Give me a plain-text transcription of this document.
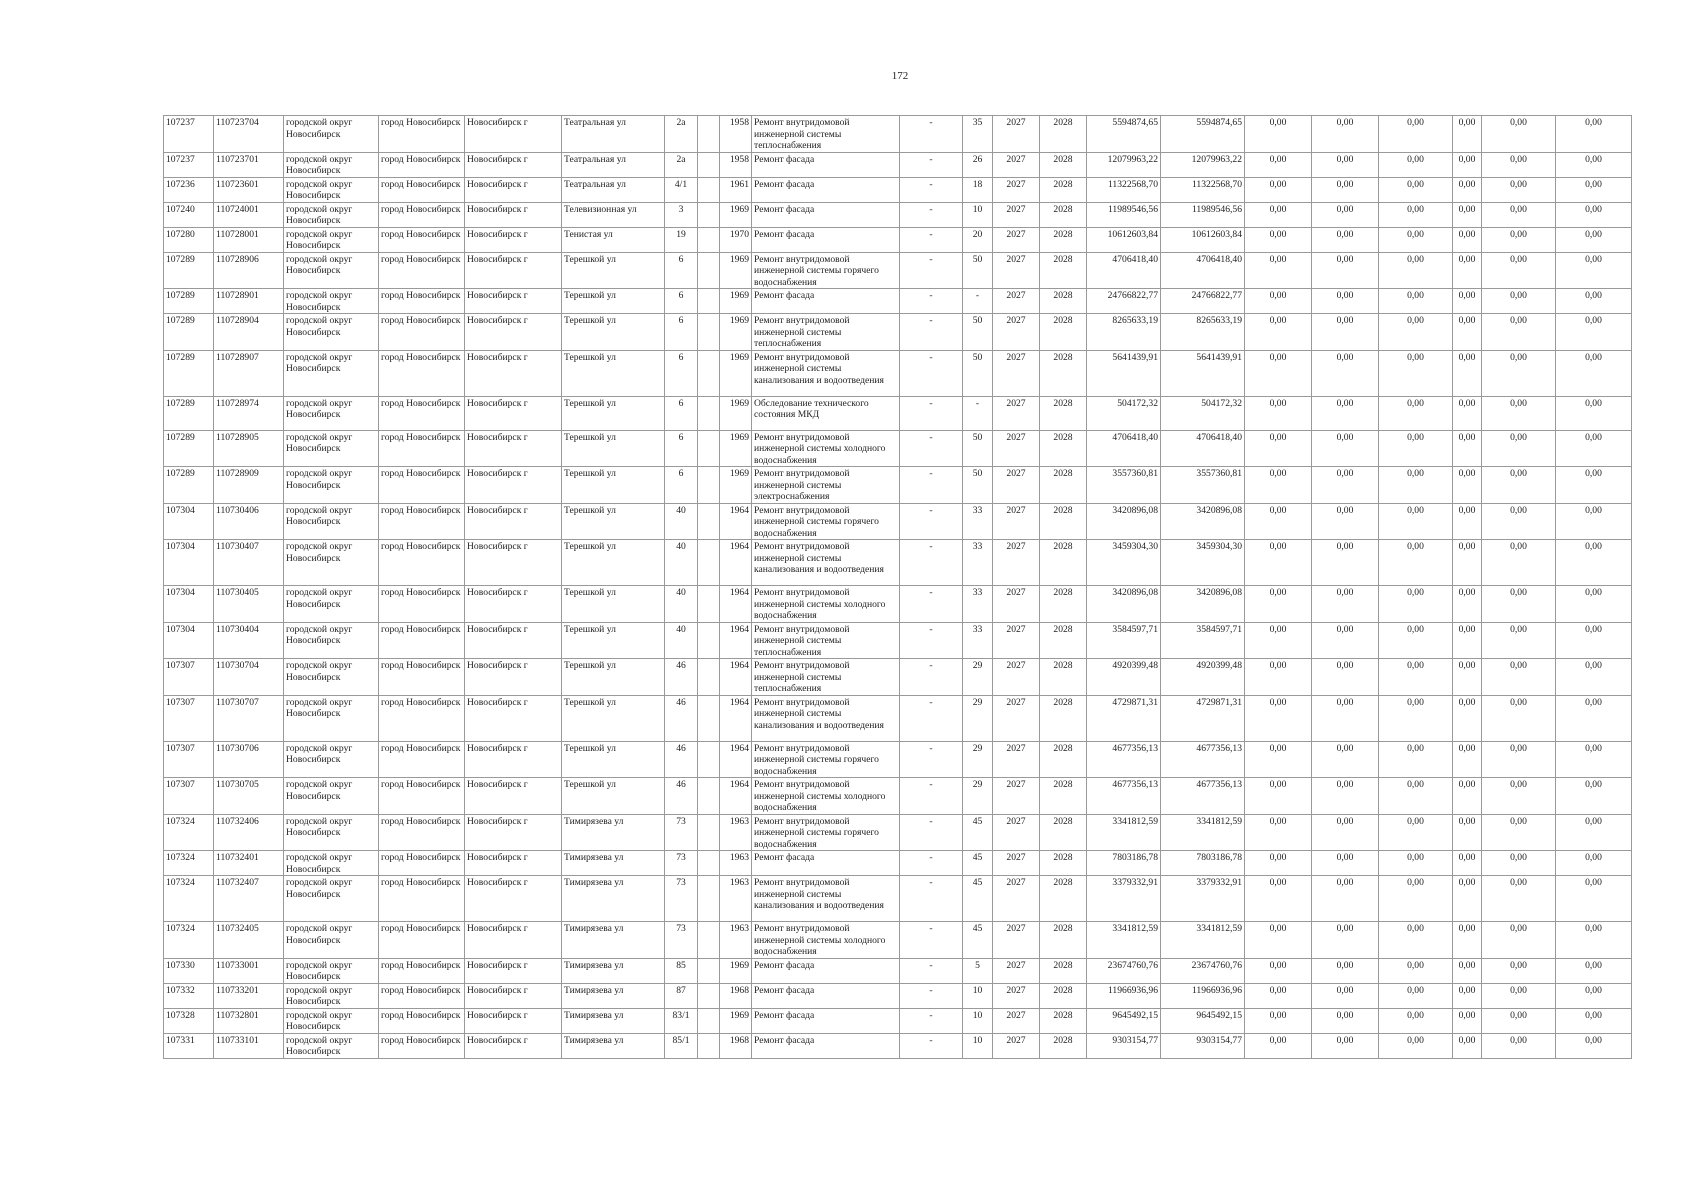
172
107237	110723704	городской округ Новосибирск	город Новосибирск	Новосибирск г	Театральная ул	2а		1958	Ремонт внутридомовой инженерной системы теплоснабжения	-	35	2027	2028	5594874,65	5594874,65	0,00	0,00	0,00	0,00	0,00	0,00
107237	110723701	городской округ Новосибирск	город Новосибирск	Новосибирск г	Театральная ул	2а		1958	Ремонт фасада	-	26	2027	2028	12079963,22	12079963,22	0,00	0,00	0,00	0,00	0,00	0,00
107236	110723601	городской округ Новосибирск	город Новосибирск	Новосибирск г	Театральная ул	4/1		1961	Ремонт фасада	-	18	2027	2028	11322568,70	11322568,70	0,00	0,00	0,00	0,00	0,00	0,00
107240	110724001	городской округ Новосибирск	город Новосибирск	Новосибирск г	Телевизионная ул	3		1969	Ремонт фасада	-	10	2027	2028	11989546,56	11989546,56	0,00	0,00	0,00	0,00	0,00	0,00
107280	110728001	городской округ Новосибирск	город Новосибирск	Новосибирск г	Тенистая ул	19		1970	Ремонт фасада	-	20	2027	2028	10612603,84	10612603,84	0,00	0,00	0,00	0,00	0,00	0,00
107289	110728906	городской округ Новосибирск	город Новосибирск	Новосибирск г	Терешкой ул	6		1969	Ремонт внутридомовой инженерной системы горячего водоснабжения	-	50	2027	2028	4706418,40	4706418,40	0,00	0,00	0,00	0,00	0,00	0,00
107289	110728901	городской округ Новосибирск	город Новосибирск	Новосибирск г	Терешкой ул	6		1969	Ремонт фасада	-	-	2027	2028	24766822,77	24766822,77	0,00	0,00	0,00	0,00	0,00	0,00
107289	110728904	городской округ Новосибирск	город Новосибирск	Новосибирск г	Терешкой ул	6		1969	Ремонт внутридомовой инженерной системы теплоснабжения	-	50	2027	2028	8265633,19	8265633,19	0,00	0,00	0,00	0,00	0,00	0,00
107289	110728907	городской округ Новосибирск	город Новосибирск	Новосибирск г	Терешкой ул	6		1969	Ремонт внутридомовой инженерной системы канализования и водоотведения	-	50	2027	2028	5641439,91	5641439,91	0,00	0,00	0,00	0,00	0,00	0,00
107289	110728974	городской округ Новосибирск	город Новосибирск	Новосибирск г	Терешкой ул	6		1969	Обследование технического состояния МКД	-	-	2027	2028	504172,32	504172,32	0,00	0,00	0,00	0,00	0,00	0,00
107289	110728905	городской округ Новосибирск	город Новосибирск	Новосибирск г	Терешкой ул	6		1969	Ремонт внутридомовой инженерной системы холодного водоснабжения	-	50	2027	2028	4706418,40	4706418,40	0,00	0,00	0,00	0,00	0,00	0,00
107289	110728909	городской округ Новосибирск	город Новосибирск	Новосибирск г	Терешкой ул	6		1969	Ремонт внутридомовой инженерной системы электроснабжения	-	50	2027	2028	3557360,81	3557360,81	0,00	0,00	0,00	0,00	0,00	0,00
107304	110730406	городской округ Новосибирск	город Новосибирск	Новосибирск г	Терешкой ул	40		1964	Ремонт внутридомовой инженерной системы горячего водоснабжения	-	33	2027	2028	3420896,08	3420896,08	0,00	0,00	0,00	0,00	0,00	0,00
107304	110730407	городской округ Новосибирск	город Новосибирск	Новосибирск г	Терешкой ул	40		1964	Ремонт внутридомовой инженерной системы канализования и водоотведения	-	33	2027	2028	3459304,30	3459304,30	0,00	0,00	0,00	0,00	0,00	0,00
107304	110730405	городской округ Новосибирск	город Новосибирск	Новосибирск г	Терешкой ул	40		1964	Ремонт внутридомовой инженерной системы холодного водоснабжения	-	33	2027	2028	3420896,08	3420896,08	0,00	0,00	0,00	0,00	0,00	0,00
107304	110730404	городской округ Новосибирск	город Новосибирск	Новосибирск г	Терешкой ул	40		1964	Ремонт внутридомовой инженерной системы теплоснабжения	-	33	2027	2028	3584597,71	3584597,71	0,00	0,00	0,00	0,00	0,00	0,00
107307	110730704	городской округ Новосибирск	город Новосибирск	Новосибирск г	Терешкой ул	46		1964	Ремонт внутридомовой инженерной системы теплоснабжения	-	29	2027	2028	4920399,48	4920399,48	0,00	0,00	0,00	0,00	0,00	0,00
107307	110730707	городской округ Новосибирск	город Новосибирск	Новосибирск г	Терешкой ул	46		1964	Ремонт внутридомовой инженерной системы канализования и водоотведения	-	29	2027	2028	4729871,31	4729871,31	0,00	0,00	0,00	0,00	0,00	0,00
107307	110730706	городской округ Новосибирск	город Новосибирск	Новосибирск г	Терешкой ул	46		1964	Ремонт внутридомовой инженерной системы горячего водоснабжения	-	29	2027	2028	4677356,13	4677356,13	0,00	0,00	0,00	0,00	0,00	0,00
107307	110730705	городской округ Новосибирск	город Новосибирск	Новосибирск г	Терешкой ул	46		1964	Ремонт внутридомовой инженерной системы холодного водоснабжения	-	29	2027	2028	4677356,13	4677356,13	0,00	0,00	0,00	0,00	0,00	0,00
107324	110732406	городской округ Новосибирск	город Новосибирск	Новосибирск г	Тимирязева ул	73		1963	Ремонт внутридомовой инженерной системы горячего водоснабжения	-	45	2027	2028	3341812,59	3341812,59	0,00	0,00	0,00	0,00	0,00	0,00
107324	110732401	городской округ Новосибирск	город Новосибирск	Новосибирск г	Тимирязева ул	73		1963	Ремонт фасада	-	45	2027	2028	7803186,78	7803186,78	0,00	0,00	0,00	0,00	0,00	0,00
107324	110732407	городской округ Новосибирск	город Новосибирск	Новосибирск г	Тимирязева ул	73		1963	Ремонт внутридомовой инженерной системы канализования и водоотведения	-	45	2027	2028	3379332,91	3379332,91	0,00	0,00	0,00	0,00	0,00	0,00
107324	110732405	городской округ Новосибирск	город Новосибирск	Новосибирск г	Тимирязева ул	73		1963	Ремонт внутридомовой инженерной системы холодного водоснабжения	-	45	2027	2028	3341812,59	3341812,59	0,00	0,00	0,00	0,00	0,00	0,00
107330	110733001	городской округ Новосибирск	город Новосибирск	Новосибирск г	Тимирязева ул	85		1969	Ремонт фасада	-	5	2027	2028	23674760,76	23674760,76	0,00	0,00	0,00	0,00	0,00	0,00
107332	110733201	городской округ Новосибирск	город Новосибирск	Новосибирск г	Тимирязева ул	87		1968	Ремонт фасада	-	10	2027	2028	11966936,96	11966936,96	0,00	0,00	0,00	0,00	0,00	0,00
107328	110732801	городской округ Новосибирск	город Новосибирск	Новосибирск г	Тимирязева ул	83/1		1969	Ремонт фасада	-	10	2027	2028	9645492,15	9645492,15	0,00	0,00	0,00	0,00	0,00	0,00
107331	110733101	городской округ Новосибирск	город Новосибирск	Новосибирск г	Тимирязева ул	85/1		1968	Ремонт фасада	-	10	2027	2028	9303154,77	9303154,77	0,00	0,00	0,00	0,00	0,00	0,00
